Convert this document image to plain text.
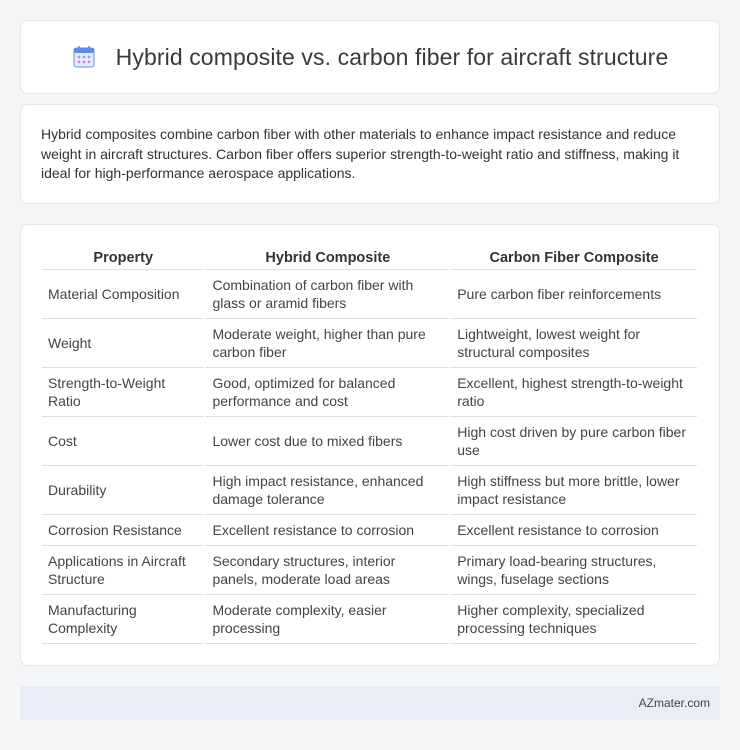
Hybrid composite vs. carbon fiber for aircraft structure

Hybrid composites combine carbon fiber with other materials to enhance impact resistance and reduce weight in aircraft structures. Carbon fiber offers superior strength-to-weight ratio and stiffness, making it ideal for high-performance aerospace applications.

Property	Hybrid Composite	Carbon Fiber Composite
Material Composition	Combination of carbon fiber with glass or aramid fibers	Pure carbon fiber reinforcements
Weight	Moderate weight, higher than pure carbon fiber	Lightweight, lowest weight for structural composites
Strength-to-Weight Ratio	Good, optimized for balanced performance and cost	Excellent, highest strength-to-weight ratio
Cost	Lower cost due to mixed fibers	High cost driven by pure carbon fiber use
Durability	High impact resistance, enhanced damage tolerance	High stiffness but more brittle, lower impact resistance
Corrosion Resistance	Excellent resistance to corrosion	Excellent resistance to corrosion
Applications in Aircraft Structure	Secondary structures, interior panels, moderate load areas	Primary load-bearing structures, wings, fuselage sections
Manufacturing Complexity	Moderate complexity, easier processing	Higher complexity, specialized processing techniques
AZmater.com
